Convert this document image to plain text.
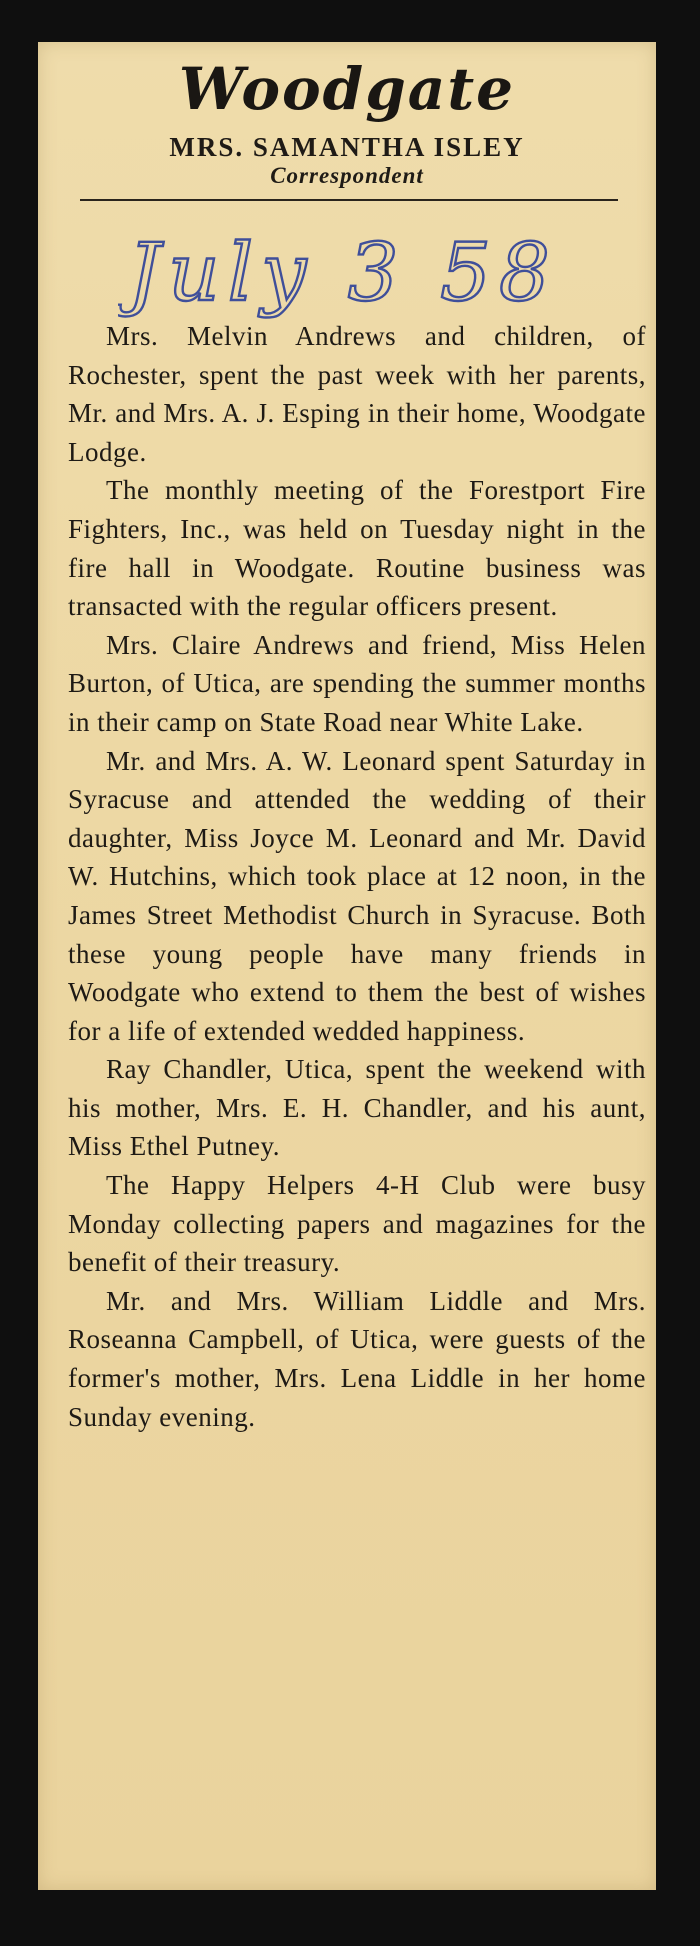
Woodgate
MRS. SAMANTHA ISLEY
Correspondent
July 3 58

Mrs. Melvin Andrews and children, of Rochester, spent the past week with her parents, Mr. and Mrs. A. J. Esping in their home, Woodgate Lodge.

The monthly meeting of the Forestport Fire Fighters, Inc., was held on Tuesday night in the fire hall in Woodgate. Routine business was transacted with the regular officers present.

Mrs. Claire Andrews and friend, Miss Helen Burton, of Utica, are spending the summer months in their camp on State Road near White Lake.

Mr. and Mrs. A. W. Leonard spent Saturday in Syracuse and attended the wedding of their daughter, Miss Joyce M. Leonard and Mr. David W. Hutchins, which took place at 12 noon, in the James Street Methodist Church in Syracuse. Both these young people have many friends in Woodgate who extend to them the best of wishes for a life of extended wedded happiness.

Ray Chandler, Utica, spent the weekend with his mother, Mrs. E. H. Chandler, and his aunt, Miss Ethel Putney.

The Happy Helpers 4-H Club were busy Monday collecting papers and magazines for the benefit of their treasury.

Mr. and Mrs. William Liddle and Mrs. Roseanna Campbell, of Utica, were guests of the former's mother, Mrs. Lena Liddle in her home Sunday evening.
